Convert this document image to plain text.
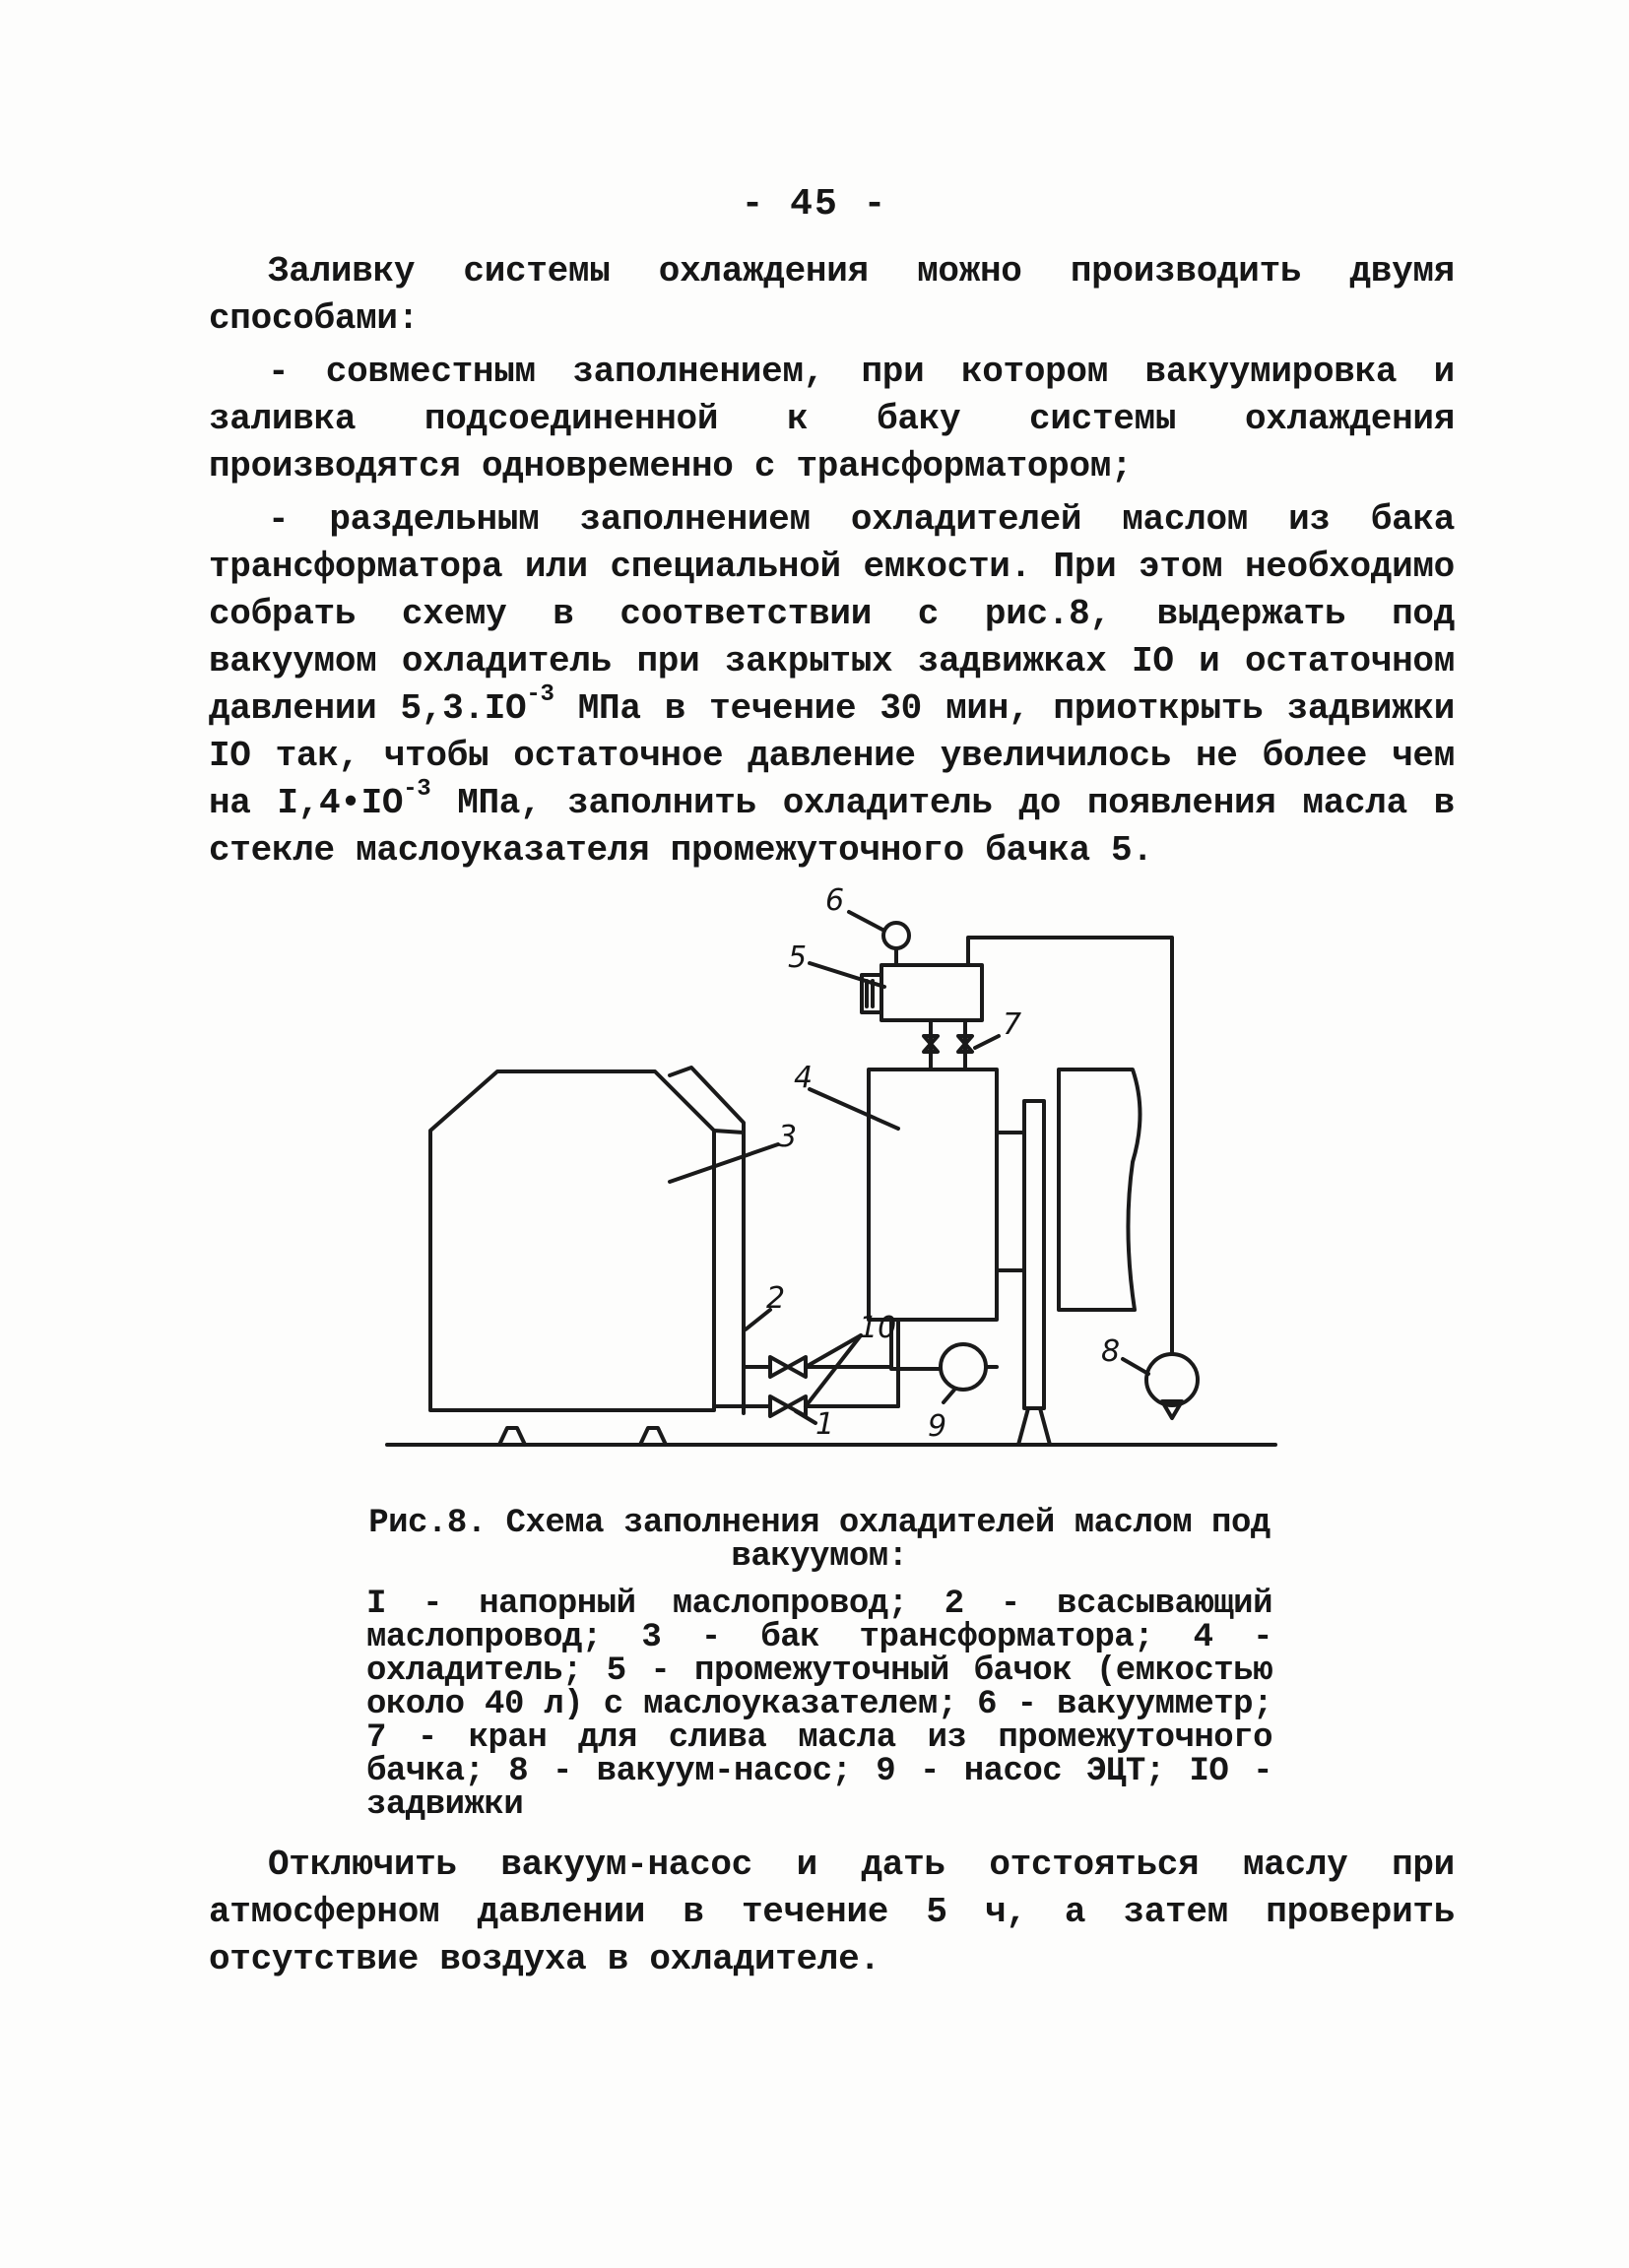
- 45 -

Заливку системы охлаждения можно производить двумя способами:

- совместным заполнением, при котором вакуумировка и заливка подсоединенной к баку системы охлаждения производятся одновременно с трансформатором;

- раздельным заполнением охладителей маслом из бака трансформатора или специальной емкости. При этом необходимо собрать схему в соответствии с рис.8, выдержать под вакуумом охладитель при закрытых задвижках IO и остаточном давлении $5,3.IO^{-3}$ МПа в течение 30 мин, приоткрыть задвижки IO так, чтобы остаточное давление увеличилось не более чем на $I,4•IO^{-3}$ МПа, заполнить охладитель до появления масла в стекле маслоуказателя промежуточного бачка 5.

6
5
7
4
3
2
10
9
8
1

Рис.8. Схема заполнения охладителей маслом под

вакуумом:

I - напорный маслопровод; 2 - всасывающий маслопровод; 3 - бак трансформатора; 4 - охладитель; 5 - промежуточный бачок (емкостью около 40 л) с маслоуказателем; 6 - вакуумметр; 7 - кран для слива масла из промежуточного бачка; 8 - вакуум-насос; 9 - насос ЭЦТ; IO - задвижки

Отключить вакуум-насос и дать отстояться маслу при атмосферном давлении в течение 5 ч, а затем проверить отсутствие воздуха в охладителе.
